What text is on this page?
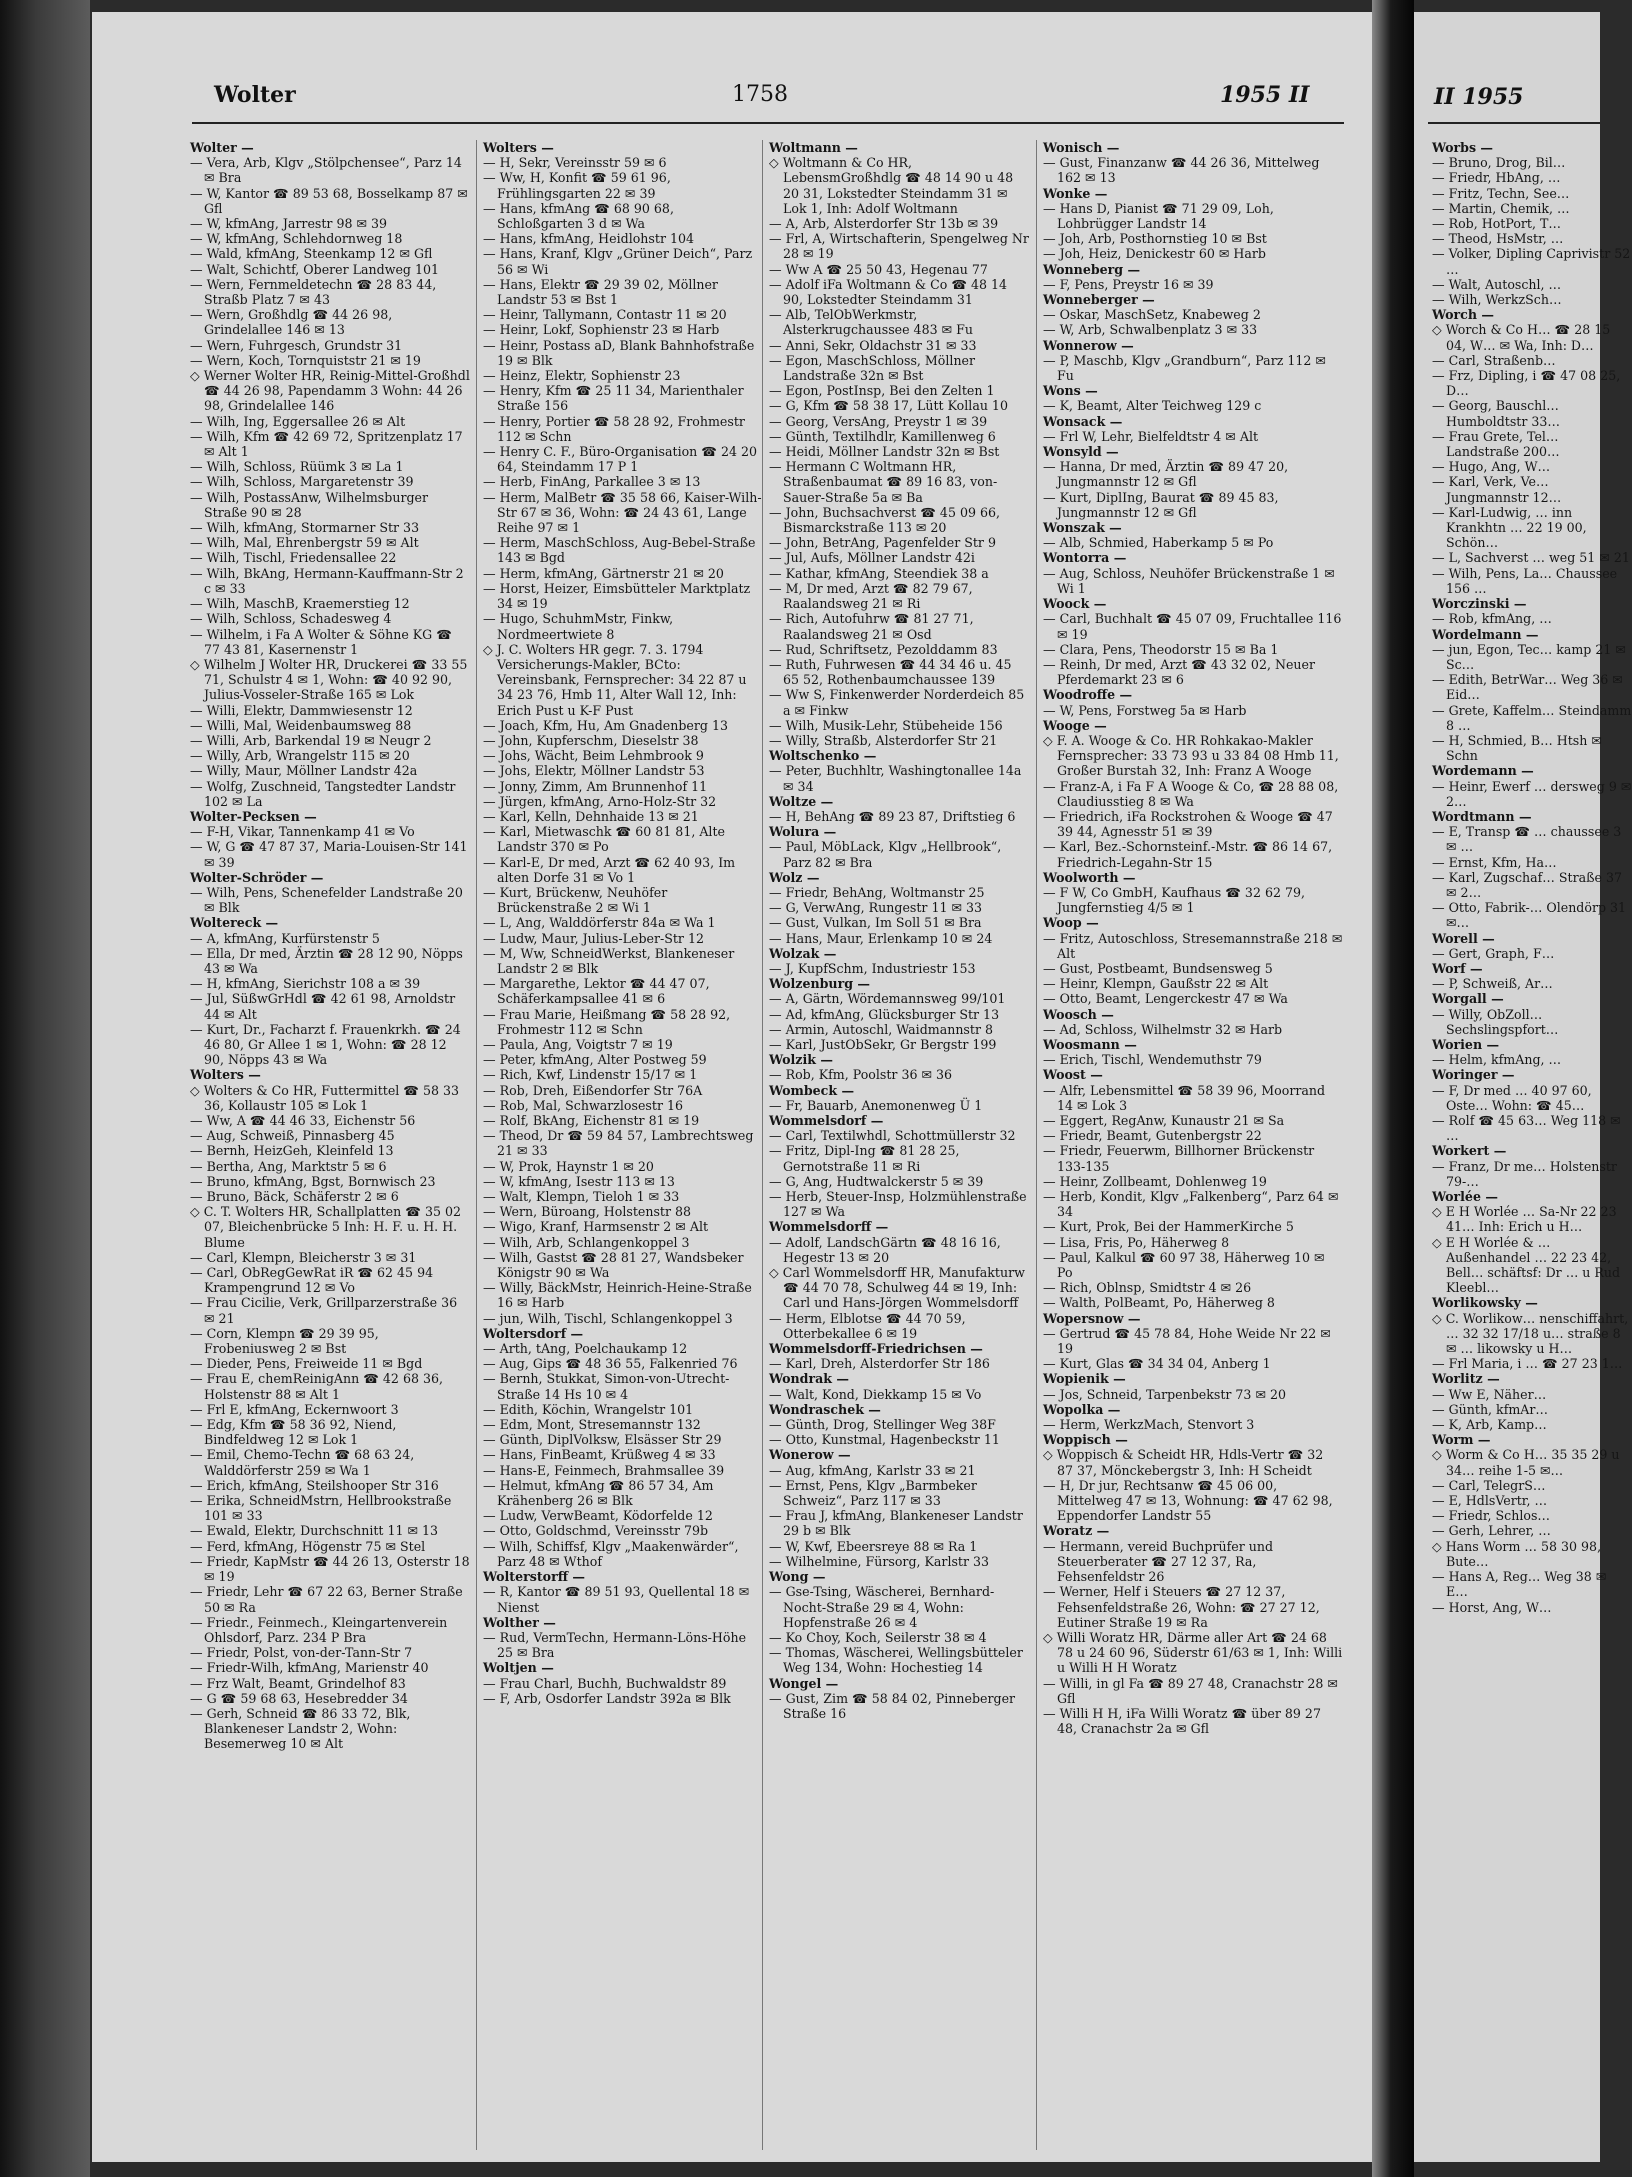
Wolter	1758	1955 II

Wolter —

— Vera, Arb, Klgv „Stölpchensee“, Parz 14 ✉ Bra

— W, Kantor ☎ 89 53 68, Bosselkamp 87 ✉ Gfl

— W, kfmAng, Jarrestr 98 ✉ 39

— W, kfmAng, Schlehdornweg 18

— Wald, kfmAng, Steenkamp 12 ✉ Gfl

— Walt, Schichtf, Oberer Landweg 101

— Wern, Fernmeldetechn ☎ 28 83 44, Straßb Platz 7 ✉ 43

— Wern, Großhdlg ☎ 44 26 98, Grindelallee 146 ✉ 13

— Wern, Fuhrgesch, Grundstr 31

— Wern, Koch, Tornquiststr 21 ✉ 19

◇ Werner Wolter HR, Reinig-Mittel-Großhdl ☎ 44 26 98, Papendamm 3 Wohn: 44 26 98, Grindelallee 146

— Wilh, Ing, Eggersallee 26 ✉ Alt

— Wilh, Kfm ☎ 42 69 72, Spritzenplatz 17 ✉ Alt 1

— Wilh, Schloss, Rüümk 3 ✉ La 1

— Wilh, Schloss, Margaretenstr 39

— Wilh, PostassAnw, Wilhelmsburger Straße 90 ✉ 28

— Wilh, kfmAng, Stormarner Str 33

— Wilh, Mal, Ehrenbergstr 59 ✉ Alt

— Wilh, Tischl, Friedensallee 22

— Wilh, BkAng, Hermann-Kauffmann-Str 2 c ✉ 33

— Wilh, MaschB, Kraemerstieg 12

— Wilh, Schloss, Schadesweg 4

— Wilhelm, i Fa A Wolter & Söhne KG ☎ 77 43 81, Kasernenstr 1

◇ Wilhelm J Wolter HR, Druckerei ☎ 33 55 71, Schulstr 4 ✉ 1, Wohn: ☎ 40 92 90, Julius-Vosseler-Straße 165 ✉ Lok

— Willi, Elektr, Dammwiesenstr 12

— Willi, Mal, Weidenbaumsweg 88

— Willi, Arb, Barkendal 19 ✉ Neugr 2

— Willy, Arb, Wrangelstr 115 ✉ 20

— Willy, Maur, Möllner Landstr 42a

— Wolfg, Zuschneid, Tangstedter Landstr 102 ✉ La

Wolter-Pecksen —

— F-H, Vikar, Tannenkamp 41 ✉ Vo

— W, G ☎ 47 87 37, Maria-Louisen-Str 141 ✉ 39

Wolter-Schröder —

— Wilh, Pens, Schenefelder Landstraße 20 ✉ Blk

Woltereck —

— A, kfmAng, Kurfürstenstr 5

— Ella, Dr med, Ärztin ☎ 28 12 90, Nöpps 43 ✉ Wa

— H, kfmAng, Sierichstr 108 a ✉ 39

— Jul, SüßwGrHdl ☎ 42 61 98, Arnoldstr 44 ✉ Alt

— Kurt, Dr., Facharzt f. Frauenkrkh. ☎ 24 46 80, Gr Allee 1 ✉ 1, Wohn: ☎ 28 12 90, Nöpps 43 ✉ Wa

Wolters —

◇ Wolters & Co HR, Futtermittel ☎ 58 33 36, Kollaustr 105 ✉ Lok 1

— Ww, A ☎ 44 46 33, Eichenstr 56

— Aug, Schweiß, Pinnasberg 45

— Bernh, HeizGeh, Kleinfeld 13

— Bertha, Ang, Marktstr 5 ✉ 6

— Bruno, kfmAng, Bgst, Bornwisch 23

— Bruno, Bäck, Schäferstr 2 ✉ 6

◇ C. T. Wolters HR, Schallplatten ☎ 35 02 07, Bleichenbrücke 5 Inh: H. F. u. H. H. Blume

— Carl, Klempn, Bleicherstr 3 ✉ 31

— Carl, ObRegGewRat iR ☎ 62 45 94 Krampengrund 12 ✉ Vo

— Frau Cicilie, Verk, Grillparzerstraße 36 ✉ 21

— Corn, Klempn ☎ 29 39 95, Frobeniusweg 2 ✉ Bst

— Dieder, Pens, Freiweide 11 ✉ Bgd

— Frau E, chemReinigAnn ☎ 42 68 36, Holstenstr 88 ✉ Alt 1

— Frl E, kfmAng, Eckernwoort 3

— Edg, Kfm ☎ 58 36 92, Niend, Bindfeldweg 12 ✉ Lok 1

— Emil, Chemo-Techn ☎ 68 63 24, Walddörferstr 259 ✉ Wa 1

— Erich, kfmAng, Steilshooper Str 316

— Erika, SchneidMstrn, Hellbrookstraße 101 ✉ 33

— Ewald, Elektr, Durchschnitt 11 ✉ 13

— Ferd, kfmAng, Högenstr 75 ✉ Stel

— Friedr, KapMstr ☎ 44 26 13, Osterstr 18 ✉ 19

— Friedr, Lehr ☎ 67 22 63, Berner Straße 50 ✉ Ra

— Friedr., Feinmech., Kleingartenverein Ohlsdorf, Parz. 234 P Bra

— Friedr, Polst, von-der-Tann-Str 7

— Friedr-Wilh, kfmAng, Marienstr 40

— Frz Walt, Beamt, Grindelhof 83

— G ☎ 59 68 63, Hesebredder 34

— Gerh, Schneid ☎ 86 33 72, Blk, Blankeneser Landstr 2, Wohn: Besemerweg 10 ✉ Alt

Wolters —

— H, Sekr, Vereinsstr 59 ✉ 6

— Ww, H, Konfit ☎ 59 61 96, Frühlingsgarten 22 ✉ 39

— Hans, kfmAng ☎ 68 90 68, Schloßgarten 3 d ✉ Wa

— Hans, kfmAng, Heidlohstr 104

— Hans, Kranf, Klgv „Grüner Deich“, Parz 56 ✉ Wi

— Hans, Elektr ☎ 29 39 02, Möllner Landstr 53 ✉ Bst 1

— Heinr, Tallymann, Contastr 11 ✉ 20

— Heinr, Lokf, Sophienstr 23 ✉ Harb

— Heinr, Postass aD, Blank Bahnhofstraße 19 ✉ Blk

— Heinz, Elektr, Sophienstr 23

— Henry, Kfm ☎ 25 11 34, Marienthaler Straße 156

— Henry, Portier ☎ 58 28 92, Frohmestr 112 ✉ Schn

— Henry C. F., Büro-Organisation ☎ 24 20 64, Steindamm 17 P 1

— Herb, FinAng, Parkallee 3 ✉ 13

— Herm, MalBetr ☎ 35 58 66, Kaiser-Wilh-Str 67 ✉ 36, Wohn: ☎ 24 43 61, Lange Reihe 97 ✉ 1

— Herm, MaschSchloss, Aug-Bebel-Straße 143 ✉ Bgd

— Herm, kfmAng, Gärtnerstr 21 ✉ 20

— Horst, Heizer, Eimsbütteler Marktplatz 34 ✉ 19

— Hugo, SchuhmMstr, Finkw, Nordmeertwiete 8

◇ J. C. Wolters HR gegr. 7. 3. 1794 Versicherungs-Makler, BCto: Vereinsbank, Fernsprecher: 34 22 87 u 34 23 76, Hmb 11, Alter Wall 12, Inh: Erich Pust u K-F Pust

— Joach, Kfm, Hu, Am Gnadenberg 13

— John, Kupferschm, Dieselstr 38

— Johs, Wächt, Beim Lehmbrook 9

— Johs, Elektr, Möllner Landstr 53

— Jonny, Zimm, Am Brunnenhof 11

— Jürgen, kfmAng, Arno-Holz-Str 32

— Karl, Kelln, Dehnhaide 13 ✉ 21

— Karl, Mietwaschk ☎ 60 81 81, Alte Landstr 370 ✉ Po

— Karl-E, Dr med, Arzt ☎ 62 40 93, Im alten Dorfe 31 ✉ Vo 1

— Kurt, Brückenw, Neuhöfer Brückenstraße 2 ✉ Wi 1

— L, Ang, Walddörferstr 84a ✉ Wa 1

— Ludw, Maur, Julius-Leber-Str 12

— M, Ww, SchneidWerkst, Blankeneser Landstr 2 ✉ Blk

— Margarethe, Lektor ☎ 44 47 07, Schäferkampsallee 41 ✉ 6

— Frau Marie, Heißmang ☎ 58 28 92, Frohmestr 112 ✉ Schn

— Paula, Ang, Voigtstr 7 ✉ 19

— Peter, kfmAng, Alter Postweg 59

— Rich, Kwf, Lindenstr 15/17 ✉ 1

— Rob, Dreh, Eißendorfer Str 76A

— Rob, Mal, Schwarzlosestr 16

— Rolf, BkAng, Eichenstr 81 ✉ 19

— Theod, Dr ☎ 59 84 57, Lambrechtsweg 21 ✉ 33

— W, Prok, Haynstr 1 ✉ 20

— W, kfmAng, Isestr 113 ✉ 13

— Walt, Klempn, Tieloh 1 ✉ 33

— Wern, Büroang, Holstenstr 88

— Wigo, Kranf, Harmsenstr 2 ✉ Alt

— Wilh, Arb, Schlangenkoppel 3

— Wilh, Gastst ☎ 28 81 27, Wandsbeker Königstr 90 ✉ Wa

— Willy, BäckMstr, Heinrich-Heine-Straße 16 ✉ Harb

— jun, Wilh, Tischl, Schlangenkoppel 3

Woltersdorf —

— Arth, tAng, Poelchaukamp 12

— Aug, Gips ☎ 48 36 55, Falkenried 76

— Bernh, Stukkat, Simon-von-Utrecht-Straße 14 Hs 10 ✉ 4

— Edith, Köchin, Wrangelstr 101

— Edm, Mont, Stresemannstr 132

— Günth, DiplVolksw, Elsässer Str 29

— Hans, FinBeamt, Krüßweg 4 ✉ 33

— Hans-E, Feinmech, Brahmsallee 39

— Helmut, kfmAng ☎ 86 57 34, Am Krähenberg 26 ✉ Blk

— Ludw, VerwBeamt, Ködorfelde 12

— Otto, Goldschmd, Vereinsstr 79b

— Wilh, Schiffsf, Klgv „Maakenwärder“, Parz 48 ✉ Wthof

Wolterstorff —

— R, Kantor ☎ 89 51 93, Quellental 18 ✉ Nienst

Wolther —

— Rud, VermTechn, Hermann-Löns-Höhe 25 ✉ Bra

Woltjen —

— Frau Charl, Buchh, Buchwaldstr 89

— F, Arb, Osdorfer Landstr 392a ✉ Blk

Woltmann —

◇ Woltmann & Co HR, LebensmGroßhdlg ☎ 48 14 90 u 48 20 31, Lokstedter Steindamm 31 ✉ Lok 1, Inh: Adolf Woltmann

— A, Arb, Alsterdorfer Str 13b ✉ 39

— Frl, A, Wirtschafterin, Spengelweg Nr 28 ✉ 19

— Ww A ☎ 25 50 43, Hegenau 77

— Adolf iFa Woltmann & Co ☎ 48 14 90, Lokstedter Steindamm 31

— Alb, TelObWerkmstr, Alsterkrugchaussee 483 ✉ Fu

— Anni, Sekr, Oldachstr 31 ✉ 33

— Egon, MaschSchloss, Möllner Landstraße 32n ✉ Bst

— Egon, PostInsp, Bei den Zelten 1

— G, Kfm ☎ 58 38 17, Lütt Kollau 10

— Georg, VersAng, Preystr 1 ✉ 39

— Günth, Textilhdlr, Kamillenweg 6

— Heidi, Möllner Landstr 32n ✉ Bst

— Hermann C Woltmann HR, Straßenbaumat ☎ 89 16 83, von-Sauer-Straße 5a ✉ Ba

— John, Buchsachverst ☎ 45 09 66, Bismarckstraße 113 ✉ 20

— John, BetrAng, Pagenfelder Str 9

— Jul, Aufs, Möllner Landstr 42i

— Kathar, kfmAng, Steendiek 38 a

— M, Dr med, Arzt ☎ 82 79 67, Raalandsweg 21 ✉ Ri

— Rich, Autofuhrw ☎ 81 27 71, Raalandsweg 21 ✉ Osd

— Rud, Schriftsetz, Pezolddamm 83

— Ruth, Fuhrwesen ☎ 44 34 46 u. 45 65 52, Rothenbaumchaussee 139

— Ww S, Finkenwerder Norderdeich 85 a ✉ Finkw

— Wilh, Musik-Lehr, Stübeheide 156

— Willy, Straßb, Alsterdorfer Str 21

Woltschenko —

— Peter, Buchhltr, Washingtonallee 14a ✉ 34

Woltze —

— H, BehAng ☎ 89 23 87, Driftstieg 6

Wolura —

— Paul, MöbLack, Klgv „Hellbrook“, Parz 82 ✉ Bra

Wolz —

— Friedr, BehAng, Woltmanstr 25

— G, VerwAng, Rungestr 11 ✉ 33

— Gust, Vulkan, Im Soll 51 ✉ Bra

— Hans, Maur, Erlenkamp 10 ✉ 24

Wolzak —

— J, KupfSchm, Industriestr 153

Wolzenburg —

— A, Gärtn, Wördemannsweg 99/101

— Ad, kfmAng, Glücksburger Str 13

— Armin, Autoschl, Waidmannstr 8

— Karl, JustObSekr, Gr Bergstr 199

Wolzik —

— Rob, Kfm, Poolstr 36 ✉ 36

Wombeck —

— Fr, Bauarb, Anemonenweg Ü 1

Wommelsdorf —

— Carl, Textilwhdl, Schottmüllerstr 32

— Fritz, Dipl-Ing ☎ 81 28 25, Gernotstraße 11 ✉ Ri

— G, Ang, Hudtwalckerstr 5 ✉ 39

— Herb, Steuer-Insp, Holzmühlenstraße 127 ✉ Wa

Wommelsdorff —

— Adolf, LandschGärtn ☎ 48 16 16, Hegestr 13 ✉ 20

◇ Carl Wommelsdorff HR, Manufakturw ☎ 44 70 78, Schulweg 44 ✉ 19, Inh: Carl und Hans-Jörgen Wommelsdorff

— Herm, Elblotse ☎ 44 70 59, Otterbekallee 6 ✉ 19

Wommelsdorff-Friedrichsen —

— Karl, Dreh, Alsterdorfer Str 186

Wondrak —

— Walt, Kond, Diekkamp 15 ✉ Vo

Wondraschek —

— Günth, Drog, Stellinger Weg 38F

— Otto, Kunstmal, Hagenbeckstr 11

Wonerow —

— Aug, kfmAng, Karlstr 33 ✉ 21

— Ernst, Pens, Klgv „Barmbeker Schweiz“, Parz 117 ✉ 33

— Frau J, kfmAng, Blankeneser Landstr 29 b ✉ Blk

— W, Kwf, Ebeersreye 88 ✉ Ra 1

— Wilhelmine, Fürsorg, Karlstr 33

Wong —

— Gse-Tsing, Wäscherei, Bernhard-Nocht-Straße 29 ✉ 4, Wohn: Hopfenstraße 26 ✉ 4

— Ko Choy, Koch, Seilerstr 38 ✉ 4

— Thomas, Wäscherei, Wellingsbütteler Weg 134, Wohn: Hochestieg 14

Wongel —

— Gust, Zim ☎ 58 84 02, Pinneberger Straße 16

Wonisch —

— Gust, Finanzanw ☎ 44 26 36, Mittelweg 162 ✉ 13

Wonke —

— Hans D, Pianist ☎ 71 29 09, Loh, Lohbrügger Landstr 14

— Joh, Arb, Posthornstieg 10 ✉ Bst

— Joh, Heiz, Denickestr 60 ✉ Harb

Wonneberg —

— F, Pens, Preystr 16 ✉ 39

Wonneberger —

— Oskar, MaschSetz, Knabeweg 2

— W, Arb, Schwalbenplatz 3 ✉ 33

Wonnerow —

— P, Maschb, Klgv „Grandburn“, Parz 112 ✉ Fu

Wons —

— K, Beamt, Alter Teichweg 129 c

Wonsack —

— Frl W, Lehr, Bielfeldtstr 4 ✉ Alt

Wonsyld —

— Hanna, Dr med, Ärztin ☎ 89 47 20, Jungmannstr 12 ✉ Gfl

— Kurt, DiplIng, Baurat ☎ 89 45 83, Jungmannstr 12 ✉ Gfl

Wonszak —

— Alb, Schmied, Haberkamp 5 ✉ Po

Wontorra —

— Aug, Schloss, Neuhöfer Brückenstraße 1 ✉ Wi 1

Woock —

— Carl, Buchhalt ☎ 45 07 09, Fruchtallee 116 ✉ 19

— Clara, Pens, Theodorstr 15 ✉ Ba 1

— Reinh, Dr med, Arzt ☎ 43 32 02, Neuer Pferdemarkt 23 ✉ 6

Woodroffe —

— W, Pens, Forstweg 5a ✉ Harb

Wooge —

◇ F. A. Wooge & Co. HR Rohkakao-Makler Fernsprecher: 33 73 93 u 33 84 08 Hmb 11, Großer Burstah 32, Inh: Franz A Wooge

— Franz-A, i Fa F A Wooge & Co, ☎ 28 88 08, Claudiusstieg 8 ✉ Wa

— Friedrich, iFa Rockstrohen & Wooge ☎ 47 39 44, Agnesstr 51 ✉ 39

— Karl, Bez.-Schornsteinf.-Mstr. ☎ 86 14 67, Friedrich-Legahn-Str 15

Woolworth —

— F W, Co GmbH, Kaufhaus ☎ 32 62 79, Jungfernstieg 4/5 ✉ 1

Woop —

— Fritz, Autoschloss, Stresemannstraße 218 ✉ Alt

— Gust, Postbeamt, Bundsensweg 5

— Heinr, Klempn, Gaußstr 22 ✉ Alt

— Otto, Beamt, Lengerckestr 47 ✉ Wa

Woosch —

— Ad, Schloss, Wilhelmstr 32 ✉ Harb

Woosmann —

— Erich, Tischl, Wendemuthstr 79

Woost —

— Alfr, Lebensmittel ☎ 58 39 96, Moorrand 14 ✉ Lok 3

— Eggert, RegAnw, Kunaustr 21 ✉ Sa

— Friedr, Beamt, Gutenbergstr 22

— Friedr, Feuerwm, Billhorner Brückenstr 133-135

— Heinr, Zollbeamt, Dohlenweg 19

— Herb, Kondit, Klgv „Falkenberg“, Parz 64 ✉ 34

— Kurt, Prok, Bei der HammerKirche 5

— Lisa, Fris, Po, Häherweg 8

— Paul, Kalkul ☎ 60 97 38, Häherweg 10 ✉ Po

— Rich, Oblnsp, Smidtstr 4 ✉ 26

— Walth, PolBeamt, Po, Häherweg 8

Wopersnow —

— Gertrud ☎ 45 78 84, Hohe Weide Nr 22 ✉ 19

— Kurt, Glas ☎ 34 34 04, Anberg 1

Wopienik —

— Jos, Schneid, Tarpenbekstr 73 ✉ 20

Wopolka —

— Herm, WerkzMach, Stenvort 3

Woppisch —

◇ Woppisch & Scheidt HR, Hdls-Vertr ☎ 32 87 37, Mönckebergstr 3, Inh: H Scheidt

— H, Dr jur, Rechtsanw ☎ 45 06 00, Mittelweg 47 ✉ 13, Wohnung: ☎ 47 62 98, Eppendorfer Landstr 55

Woratz —

— Hermann, vereid Buchprüfer und Steuerberater ☎ 27 12 37, Ra, Fehsenfeldstr 26

— Werner, Helf i Steuers ☎ 27 12 37, Fehsenfeldstraße 26, Wohn: ☎ 27 27 12, Eutiner Straße 19 ✉ Ra

◇ Willi Woratz HR, Därme aller Art ☎ 24 68 78 u 24 60 96, Süderstr 61/63 ✉ 1, Inh: Willi u Willi H H Woratz

— Willi, in gl Fa ☎ 89 27 48, Cranachstr 28 ✉ Gfl

— Willi H H, iFa Willi Woratz ☎ über 89 27 48, Cranachstr 2a ✉ Gfl

II 1955

Worbs —

— Bruno, Drog, Bil…

— Friedr, HbAng, …

— Fritz, Techn, See…

— Martin, Chemik, …

— Rob, HotPort, T…

— Theod, HsMstr, …

— Volker, Dipling Caprivistr 52 …

— Walt, Autoschl, …

— Wilh, WerkzSch…

Worch —

◇ Worch & Co H… ☎ 28 15 04, W… ✉ Wa, Inh: D…

— Carl, Straßenb…

— Frz, Dipling, i ☎ 47 08 25, D…

— Georg, Bauschl… Humboldtstr 33…

— Frau Grete, Tel… Landstraße 200…

— Hugo, Ang, W…

— Karl, Verk, Ve… Jungmannstr 12…

— Karl-Ludwig, … inn Krankhtn … 22 19 00, Schön…

— L, Sachverst … weg 51 ✉ 21

— Wilh, Pens, La… Chaussee 156 …

Worczinski —

— Rob, kfmAng, …

Wordelmann —

— jun, Egon, Tec… kamp 21 ✉ Sc…

— Edith, BetrWar… Weg 36 ✉ Eid…

— Grete, Kaffelm… Steindamm 8 …

— H, Schmied, B… Htsh ✉ Schn

Wordemann —

— Heinr, Ewerf … dersweg 9 ✉ 2…

Wordtmann —

— E, Transp ☎ … chaussee 3 ✉ …

— Ernst, Kfm, Ha…

— Karl, Zugschaf… Straße 37 ✉ 2…

— Otto, Fabrik-… Olendörp 31 ✉…

Worell —

— Gert, Graph, F…

Worf —

— P, Schweiß, Ar…

Worgall —

— Willy, ObZoll… Sechslingspfort…

Worien —

— Helm, kfmAng, …

Woringer —

— F, Dr med … 40 97 60, Oste… Wohn: ☎ 45…

— Rolf ☎ 45 63… Weg 118 ✉ …

Workert —

— Franz, Dr me… Holstenstr 79-…

Worlée —

◇ E H Worlée … Sa-Nr 22 23 41… Inh: Erich u H…

◇ E H Worlée & … Außenhandel … 22 23 42, Bell… schäftsf: Dr … u Rud Kleebl…

Worlikowsky —

◇ C. Worlikow… nenschiffahrt, … 32 32 17/18 u… straße 8 ✉ … likowsky u H…

— Frl Maria, i … ☎ 27 23 1…

Worlitz —

— Ww E, Näher…

— Günth, kfmAr…

— K, Arb, Kamp…

Worm —

◇ Worm & Co H… 35 35 29 u 34… reihe 1-5 ✉…

— Carl, TelegrS…

— E, HdlsVertr, …

— Friedr, Schlos…

— Gerh, Lehrer, …

◇ Hans Worm … 58 30 98, Bute…

— Hans A, Reg… Weg 38 ✉ E…

— Horst, Ang, W…
